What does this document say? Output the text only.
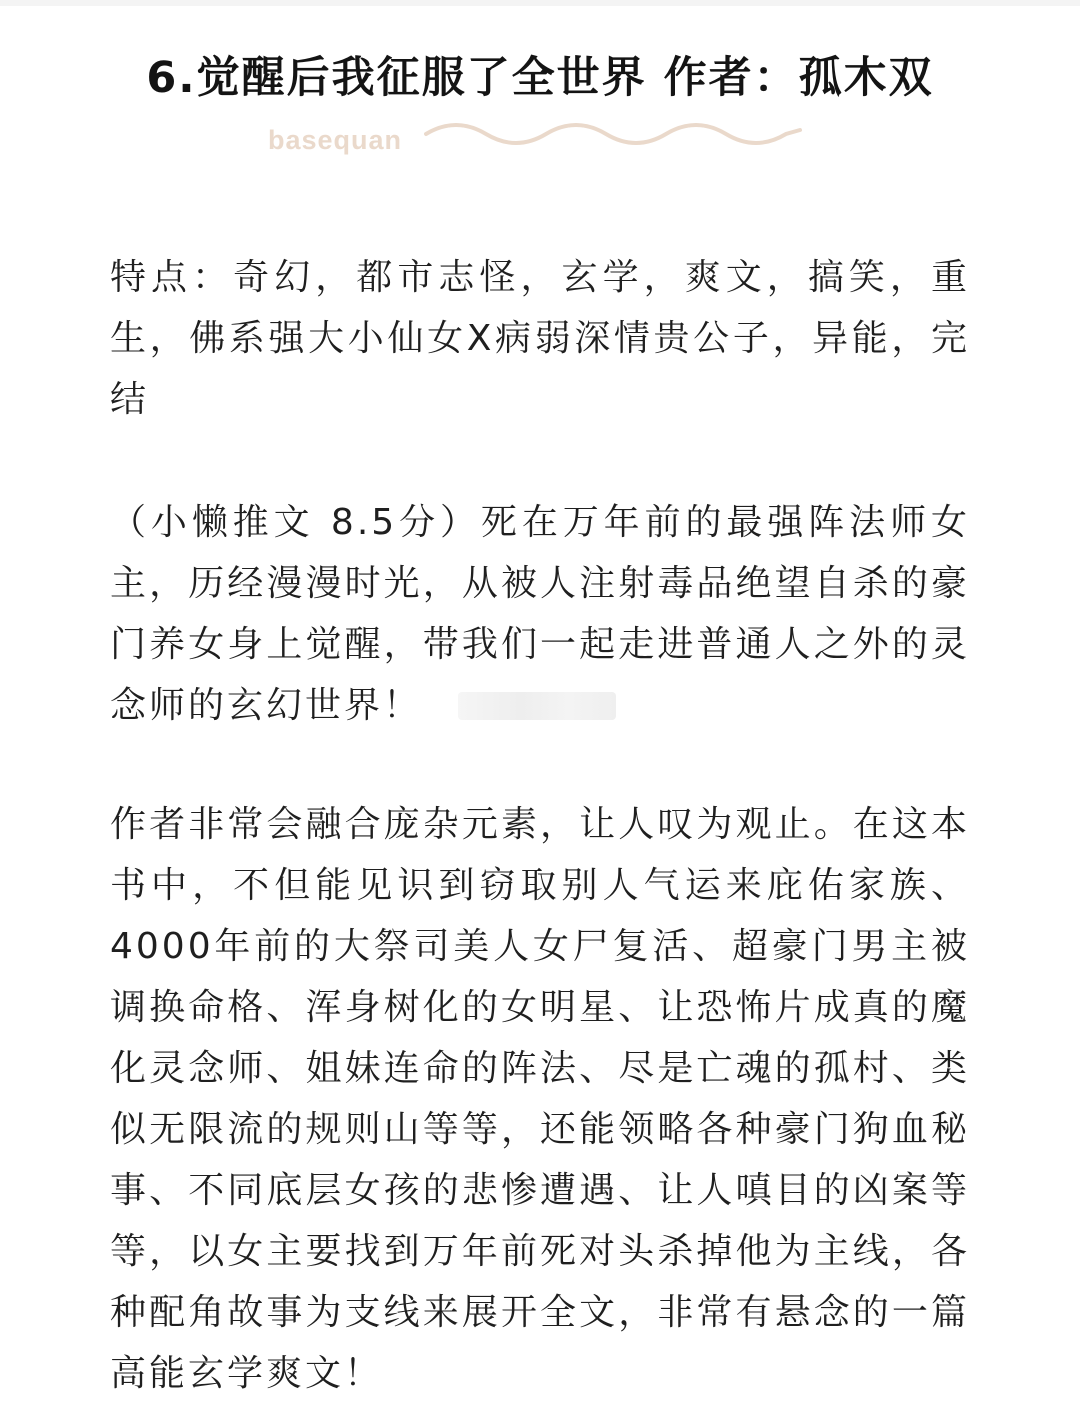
6.觉醒后我征服了全世界 作者：孤木双
basequan

特点：奇幻，都市志怪，玄学，爽文，搞笑，重生，佛系强大小仙女X病弱深情贵公子，异能，完结

（小懒推文 8.5分）死在万年前的最强阵法师女主，历经漫漫时光，从被人注射毒品绝望自杀的豪门养女身上觉醒，带我们一起走进普通人之外的灵念师的玄幻世界！

作者非常会融合庞杂元素，让人叹为观止。在这本书中，不但能见识到窃取别人气运来庇佑家族、4000年前的大祭司美人女尸复活、超豪门男主被调换命格、浑身树化的女明星、让恐怖片成真的魔化灵念师、姐妹连命的阵法、尽是亡魂的孤村、类似无限流的规则山等等，还能领略各种豪门狗血秘事、不同底层女孩的悲惨遭遇、让人嗔目的凶案等等，以女主要找到万年前死对头杀掉他为主线，各种配角故事为支线来展开全文，非常有悬念的一篇高能玄学爽文！
